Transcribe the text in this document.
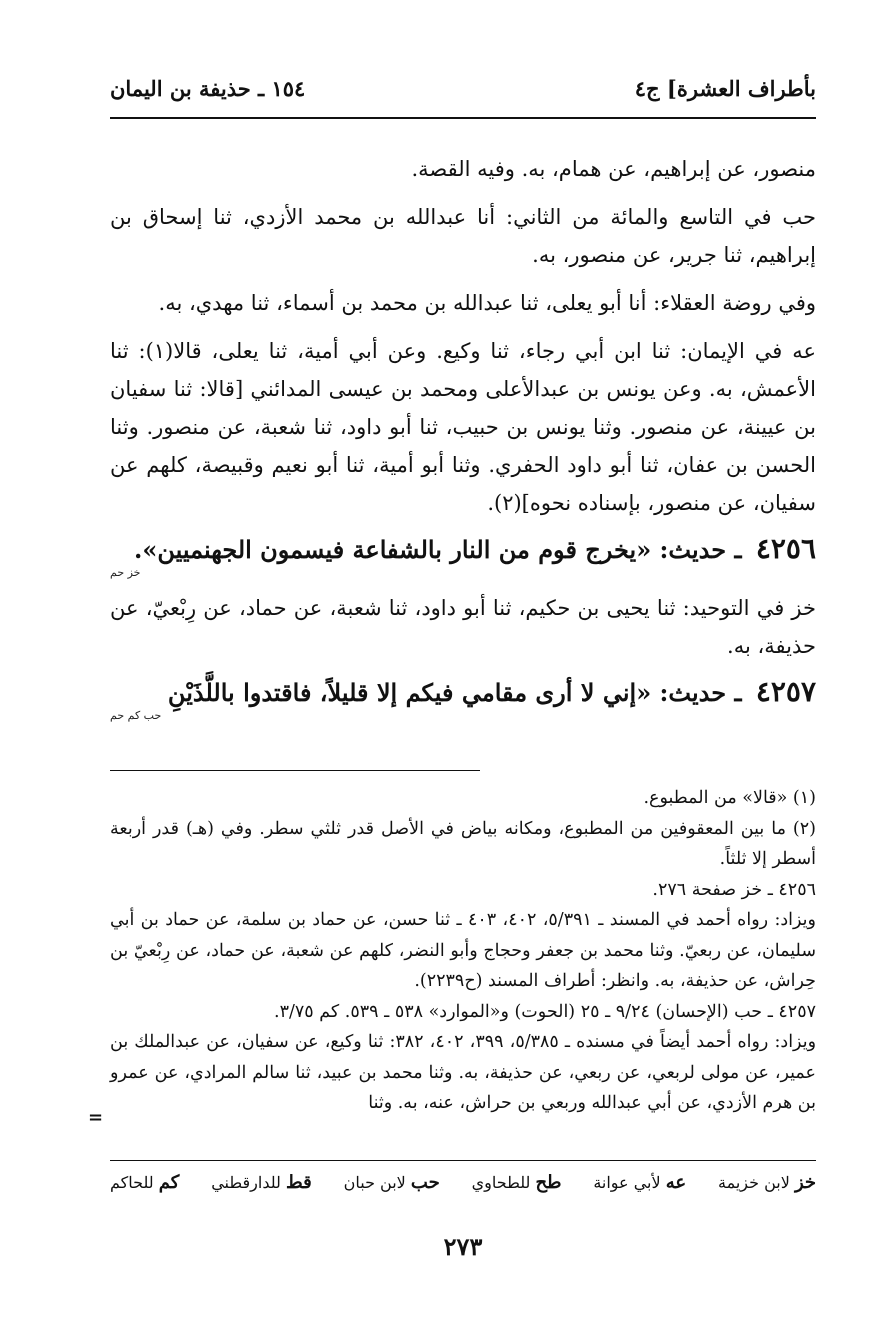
بأطراف العشرة] ج٤
١٥٤ ـ حذيفة بن اليمان

منصور، عن إبراهيم، عن همام، به. وفيه القصة.

حب في التاسع والمائة من الثاني: أنا عبدالله بن محمد الأزدي، ثنا إسحاق بن إبراهيم، ثنا جرير، عن منصور، به.

وفي روضة العقلاء: أنا أبو يعلى، ثنا عبدالله بن محمد بن أسماء، ثنا مهدي، به.

عه في الإيمان: ثنا ابن أبي رجاء، ثنا وكيع. وعن أبي أمية، ثنا يعلى، قالا(١): ثنا الأعمش، به. وعن يونس بن عبدالأعلى ومحمد بن عيسى المدائني [قالا: ثنا سفيان بن عيينة، عن منصور. وثنا يونس بن حبيب، ثنا أبو داود، ثنا شعبة، عن منصور. وثنا الحسن بن عفان، ثنا أبو داود الحفري. وثنا أبو أمية، ثنا أبو نعيم وقبيصة، كلهم عن سفيان، عن منصور، بإسناده نحوه](٢).

٤٢٥٦ ـ حديث: «يخرج قوم من النار بالشفاعة فيسمون الجهنميين».

خز حم

خز في التوحيد: ثنا يحيى بن حكيم، ثنا أبو داود، ثنا شعبة، عن حماد، عن رِبْعيّ، عن حذيفة، به.

٤٢٥٧ ـ حديث: «إني لا أرى مقامي فيكم إلا قليلاً، فاقتدوا باللَّذَيْنِ

حب كم حم

(١) «قالا» من المطبوع.

(٢) ما بين المعقوفين من المطبوع، ومكانه بياض في الأصل قدر ثلثي سطر. وفي (هـ) قدر أربعة أسطر إلا ثلثاً.

٤٢٥٦ ـ خز صفحة ٢٧٦.

ويزاد: رواه أحمد في المسند ـ ٥/٣٩١، ٤٠٢، ٤٠٣ ـ ثنا حسن، عن حماد بن سلمة، عن حماد بن أبي سليمان، عن ربعيّ. وثنا محمد بن جعفر وحجاج وأبو النضر، كلهم عن شعبة، عن حماد، عن رِبْعيّ بن حِراش، عن حذيفة، به. وانظر: أطراف المسند (ح٢٢٣٩).

٤٢٥٧ ـ حب (الإحسان) ٩/٢٤ ـ ٢٥ (الحوت) و«الموارد» ٥٣٨ ـ ٥٣٩. كم ٣/٧٥.

ويزاد: رواه أحمد أيضاً في مسنده ـ ٥/٣٨٥، ٣٩٩، ٤٠٢، ٣٨٢: ثنا وكيع، عن سفيان، عن عبدالملك بن عمير، عن مولى لربعي، عن ربعي، عن حذيفة، به. وثنا محمد بن عبيد، ثنا سالم المرادي، عن عمرو بن هرم الأزدي، عن أبي عبدالله وربعي بن حراش، عنه، به. وثنا

=
خز لابن خزيمة
عه لأبي عوانة
طح للطحاوي
حب لابن حبان
قط للدارقطني
كم للحاكم
٢٧٣
